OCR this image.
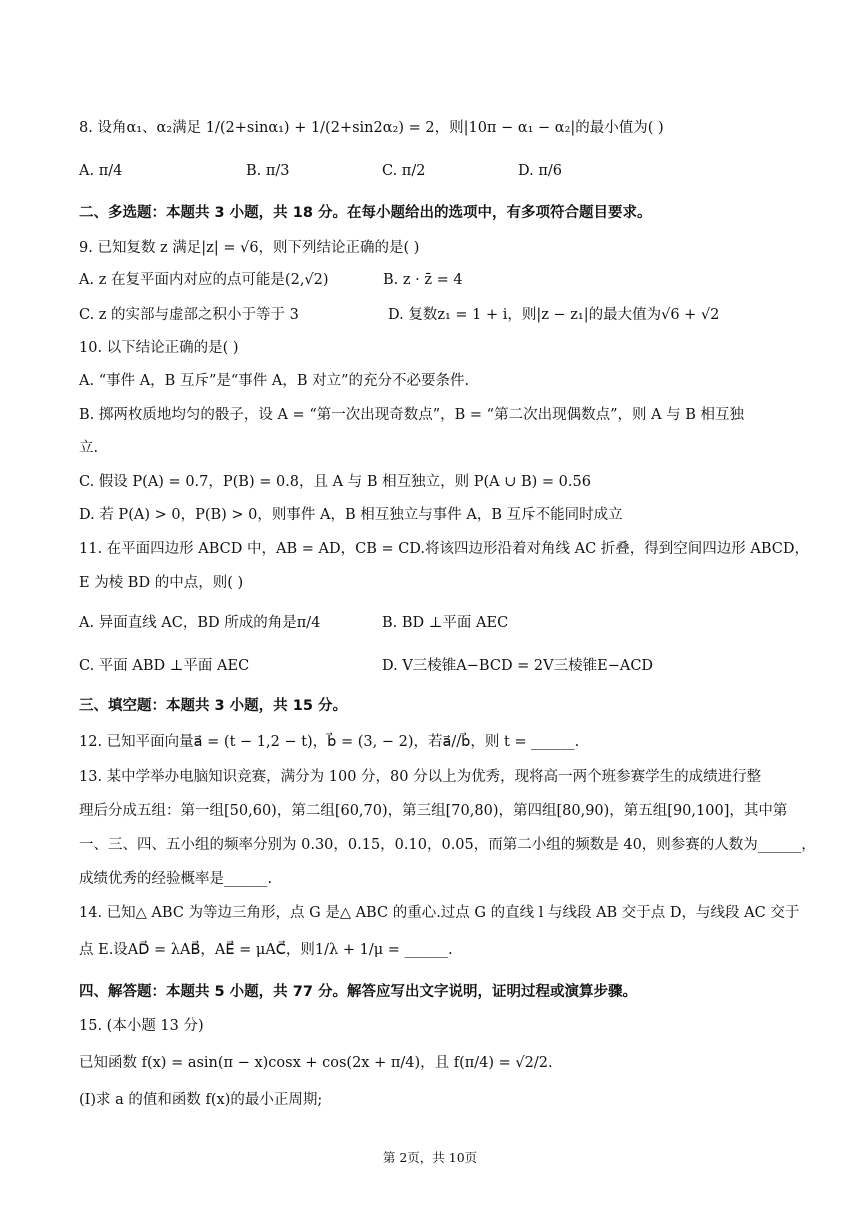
8. 设角α₁、α₂满足 1/(2+sinα₁) + 1/(2+sin2α₂) = 2，则|10π − α₁ − α₂|的最小值为( )
A. π/4	B. π/3	C. π/2	D. π/6
二、多选题：本题共 3 小题，共 18 分。在每小题给出的选项中，有多项符合题目要求。
9. 已知复数 z 满足|z| = √6，则下列结论正确的是( )
A. z 在复平面内对应的点可能是(2,√2)	B. z · z̄ = 4
C. z 的实部与虚部之积小于等于 3	D. 复数z₁ = 1 + i，则|z − z₁|的最大值为√6 + √2
10. 以下结论正确的是( )
A. “事件 A，B 互斥”是“事件 A，B 对立”的充分不必要条件.
B. 掷两枚质地均匀的骰子，设 A = “第一次出现奇数点”，B = “第二次出现偶数点”，则 A 与 B 相互独
立.
C. 假设 P(A) = 0.7，P(B) = 0.8，且 A 与 B 相互独立，则 P(A ∪ B) = 0.56
D. 若 P(A) > 0，P(B) > 0，则事件 A，B 相互独立与事件 A，B 互斥不能同时成立
11. 在平面四边形 ABCD 中，AB = AD，CB = CD.将该四边形沿着对角线 AC 折叠，得到空间四边形 ABCD，
E 为棱 BD 的中点，则( )
A. 异面直线 AC，BD 所成的角是π/4	B. BD ⊥平面 AEC
C. 平面 ABD ⊥平面 AEC	D. V三棱锥A−BCD = 2V三棱锥E−ACD
三、填空题：本题共 3 小题，共 15 分。
12. 已知平面向量a⃗ = (t − 1,2 − t)，b⃗ = (3, − 2)，若a⃗//b⃗，则 t = ______.
13. 某中学举办电脑知识竞赛，满分为 100 分，80 分以上为优秀，现将高一两个班参赛学生的成绩进行整
理后分成五组：第一组[50,60)，第二组[60,70)，第三组[70,80)，第四组[80,90)，第五组[90,100]，其中第
一、三、四、五小组的频率分别为 0.30，0.15，0.10，0.05，而第二小组的频数是 40，则参赛的人数为______，
成绩优秀的经验概率是______.
14. 已知△ ABC 为等边三角形，点 G 是△ ABC 的重心.过点 G 的直线 l 与线段 AB 交于点 D，与线段 AC 交于
点 E.设AD⃗ = λAB⃗，AE⃗ = μAC⃗，则1/λ + 1/μ = ______.
四、解答题：本题共 5 小题，共 77 分。解答应写出文字说明，证明过程或演算步骤。
15. (本小题 13 分)
已知函数 f(x) = asin(π − x)cosx + cos(2x + π/4)，且 f(π/4) = √2/2.
(Ⅰ)求 a 的值和函数 f(x)的最小正周期;
第 2页，共 10页
